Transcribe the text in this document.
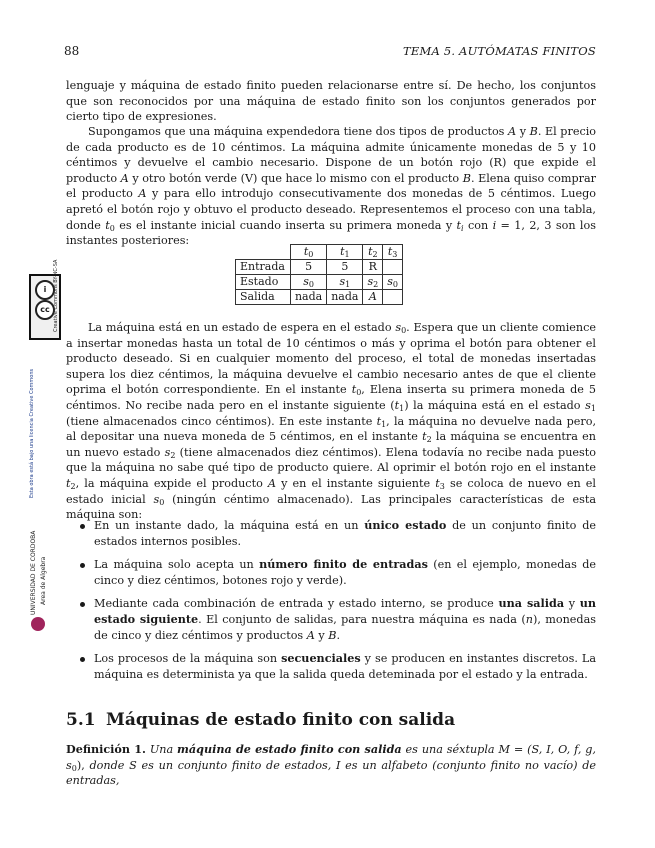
88	TEMA 5. AUTÓMATAS FINITOS
lenguaje y máquina de estado finito pueden relacionarse entre sí. De hecho, los conjuntos que son reconocidos por una máquina de estado finito son los conjuntos generados por cierto tipo de expresiones.
Supongamos que una máquina expendedora tiene dos tipos de productos A y B. El precio de cada producto es de 10 céntimos. La máquina admite únicamente monedas de 5 y 10 céntimos y devuelve el cambio necesario. Dispone de un botón rojo (R) que expide el producto A y otro botón verde (V) que hace lo mismo con el producto B. Elena quiso comprar el producto A y para ello introdujo consecutivamente dos monedas de 5 céntimos. Luego apretó el botón rojo y obtuvo el producto deseado. Representemos el proceso con una tabla, donde $t_0$ es el instante inicial cuando inserta su primera moneda y $t_i$ con i = 1, 2, 3 son los instantes posteriores:
	$t_0$	$t_1$	$t_2$	$t_3$
Entrada	5	5	R	
Estado	$s_0$	$s_1$	$s_2$	$s_0$
Salida	nada	nada	A	
La máquina está en un estado de espera en el estado $s_0$. Espera que un cliente comience a insertar monedas hasta un total de 10 céntimos o más y oprima el botón para obtener el producto deseado. Si en cualquier momento del proceso, el total de monedas insertadas supera los diez céntimos, la máquina devuelve el cambio necesario antes de que el cliente oprima el botón correspondiente. En el instante $t_0$, Elena inserta su primera moneda de 5 céntimos. No recibe nada pero en el instante siguiente $(t_1)$ la máquina está en el estado $s_1$ (tiene almacenados cinco céntimos). En este instante $t_1$, la máquina no devuelve nada pero, al depositar una nueva moneda de 5 céntimos, en el instante $t_2$ la máquina se encuentra en un nuevo estado $s_2$ (tiene almacenados diez céntimos). Elena todavía no recibe nada puesto que la máquina no sabe qué tipo de producto quiere. Al oprimir el botón rojo en el instante $t_2$, la máquina expide el producto A y en el instante siguiente $t_3$ se coloca de nuevo en el estado inicial $s_0$ (ningún céntimo almacenado). Las principales características de esta máquina son:
En un instante dado, la máquina está en un único estado de un conjunto finito de estados internos posibles.
La máquina solo acepta un número finito de entradas (en el ejemplo, monedas de cinco y diez céntimos, botones rojo y verde).
Mediante cada combinación de entrada y estado interno, se produce una salida y un estado siguiente. El conjunto de salidas, para nuestra máquina es nada (n), monedas de cinco y diez céntimos y productos A y B.
Los procesos de la máquina son secuenciales y se producen en instantes discretos. La máquina es determinista ya que la salida queda deteminada por el estado y la entrada.
5.1 Máquinas de estado finito con salida
Definición 1. Una máquina de estado finito con salida es una séxtupla M = (S, I, O, f, g, $s_0$), donde S es un conjunto finito de estados, I es un alfabeto (conjunto finito no vacío) de entradas,
i
cc Creative Commons BY-NC-SA
Esta obra está bajo una licencia Creative Commons
UNIVERSIDAD DE CÓRDOBA Área de Álgebra
